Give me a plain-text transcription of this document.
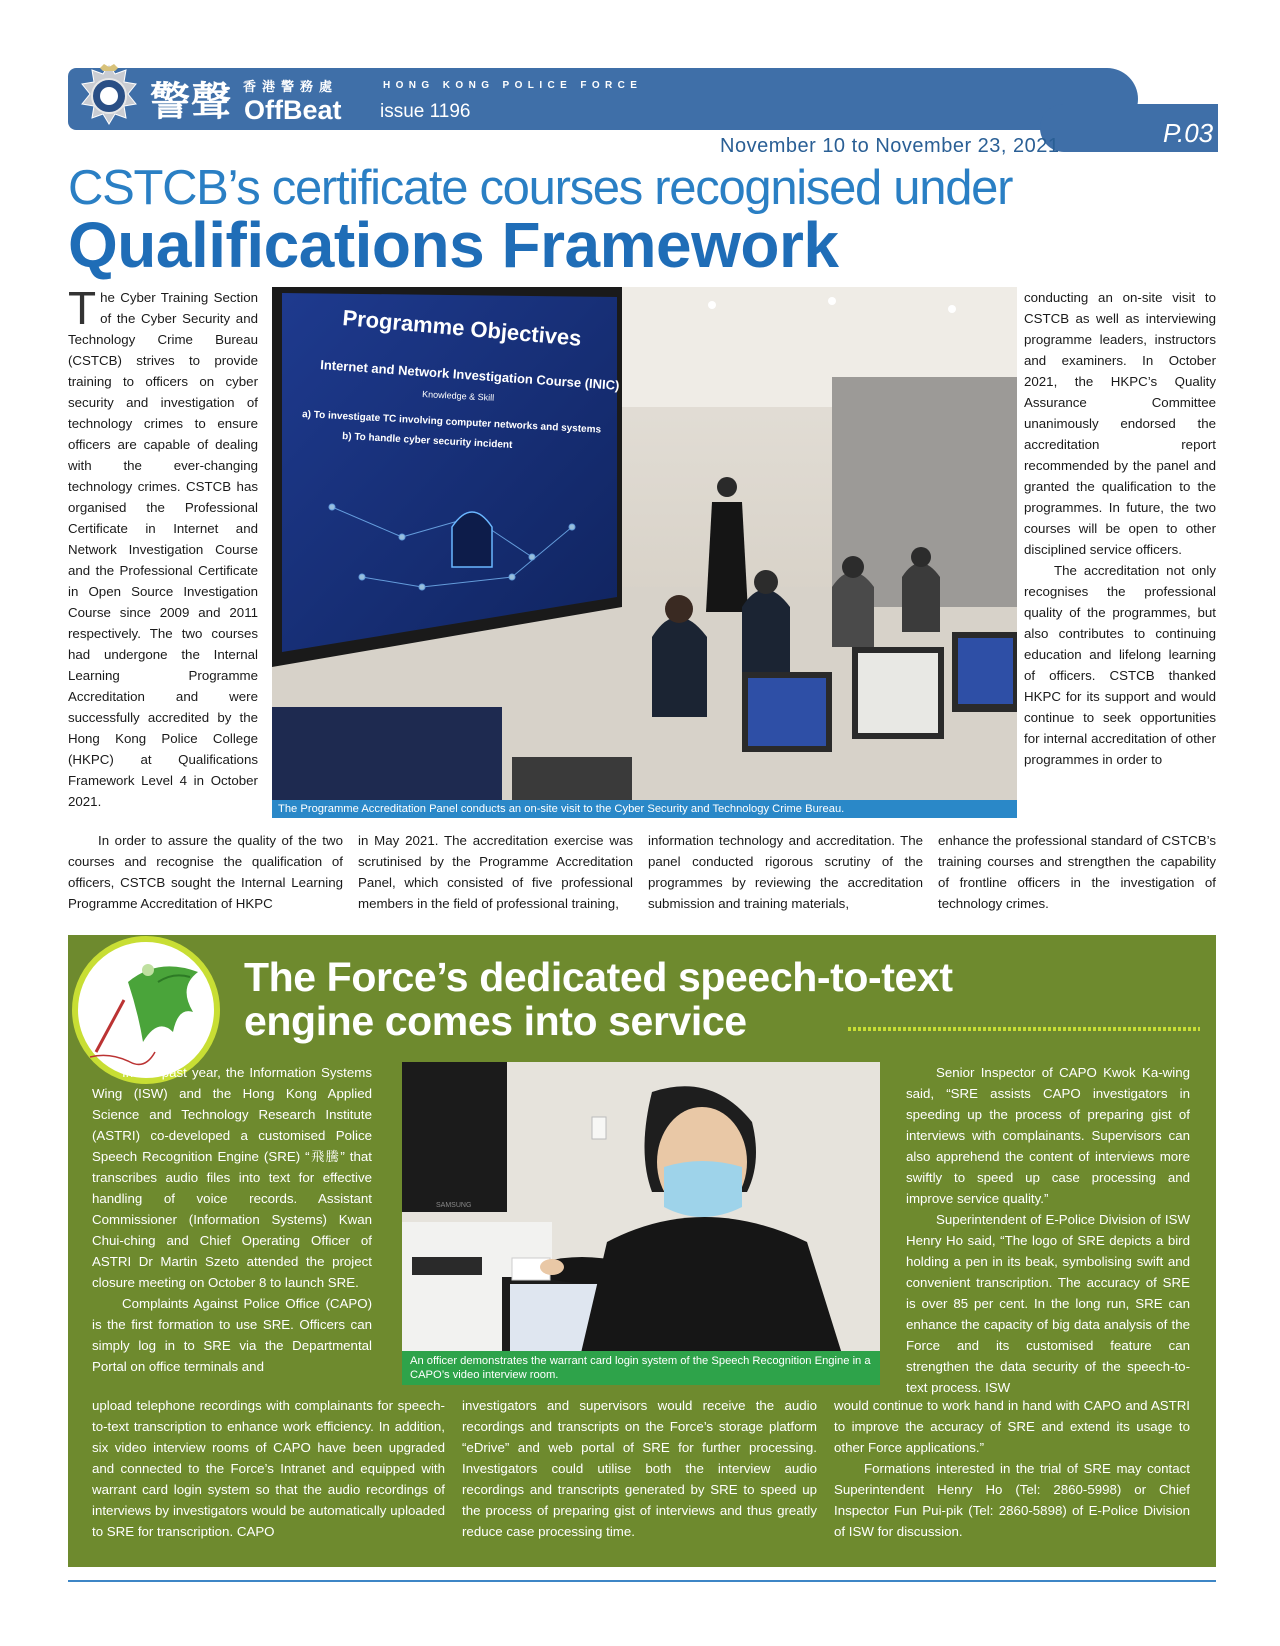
警聲 香港警務處	HONG KONG POLICE FORCE
OffBeat issue 1196
P.03
November 10 to November 23, 2021
CSTCB’s certificate courses recognised under
Qualifications Framework

The Cyber Training Section of the Cyber Security and Technology Crime Bureau (CSTCB) strives to provide training to officers on cyber security and investigation of technology crimes to ensure officers are capable of dealing with the ever-changing technology crimes. CSTCB has organised the Professional Certificate in Internet and Network Investigation Course and the Professional Certificate in Open Source Investigation Course since 2009 and 2011 respectively. The two courses had undergone the Internal Learning Programme Accreditation and were successfully accredited by the Hong Kong Police College (HKPC) at Qualifications Framework Level 4 in October 2021.

In order to assure the quality of the two courses and recognise the qualification of officers, CSTCB sought the Internal Learning Programme Accreditation of HKPC

in May 2021. The accreditation exercise was scrutinised by the Programme Accreditation Panel, which consisted of five professional members in the field of professional training,

information technology and accreditation. The panel conducted rigorous scrutiny of the programmes by reviewing the accreditation submission and training materials,

conducting an on-site visit to CSTCB as well as interviewing programme leaders, instructors and examiners. In October 2021, the HKPC’s Quality Assurance Committee unanimously endorsed the accreditation report recommended by the panel and granted the qualification to the programmes. In future, the two courses will be open to other disciplined service officers.

The accreditation not only recognises the professional quality of the programmes, but also contributes to continuing education and lifelong learning of officers. CSTCB thanked HKPC for its support and would continue to seek opportunities for internal accreditation of other programmes in order to

enhance the professional standard of CSTCB’s training courses and strengthen the capability of frontline officers in the investigation of technology crimes.

Programme Objectives
Internet and Network Investigation Course (INIC)
Knowledge & Skill
a) To investigate TC involving computer networks and systems
b) To handle cyber security incident
The Programme Accreditation Panel conducts an on-site visit to the Cyber Security and Technology Crime Bureau.
The Force’s dedicated speech-to-text
engine comes into service

In the past year, the Information Systems Wing (ISW) and the Hong Kong Applied Science and Technology Research Institute (ASTRI) co-developed a customised Police Speech Recognition Engine (SRE) “飛騰” that transcribes audio files into text for effective handling of voice records. Assistant Commissioner (Information Systems) Kwan Chui-ching and Chief Operating Officer of ASTRI Dr Martin Szeto attended the project closure meeting on October 8 to launch SRE.

Complaints Against Police Office (CAPO) is the first formation to use SRE. Officers can simply log in to SRE via the Departmental Portal on office terminals and

upload telephone recordings with complainants for speech-to-text transcription to enhance work efficiency. In addition, six video interview rooms of CAPO have been upgraded and connected to the Force’s Intranet and equipped with warrant card login system so that the audio recordings of interviews by investigators would be automatically uploaded to SRE for transcription. CAPO

investigators and supervisors would receive the audio recordings and transcripts on the Force’s storage platform “eDrive” and web portal of SRE for further processing. Investigators could utilise both the interview audio recordings and transcripts generated by SRE to speed up the process of preparing gist of interviews and thus greatly reduce case processing time.

Senior Inspector of CAPO Kwok Ka-wing said, “SRE assists CAPO investigators in speeding up the process of preparing gist of interviews with complainants. Supervisors can also apprehend the content of interviews more swiftly to speed up case processing and improve service quality.”

Superintendent of E-Police Division of ISW Henry Ho said, “The logo of SRE depicts a bird holding a pen in its beak, symbolising swift and convenient transcription. The accuracy of SRE is over 85 per cent. In the long run, SRE can enhance the capacity of big data analysis of the Force and its customised feature can strengthen the data security of the speech-to-text process. ISW

would continue to work hand in hand with CAPO and ASTRI to improve the accuracy of SRE and extend its usage to other Force applications.”

Formations interested in the trial of SRE may contact Superintendent Henry Ho (Tel: 2860-5998) or Chief Inspector Fun Pui-pik (Tel: 2860-5898) of E-Police Division of ISW for discussion.

SAMSUNG
An officer demonstrates the warrant card login system of the Speech Recognition Engine in a CAPO’s video interview room.
